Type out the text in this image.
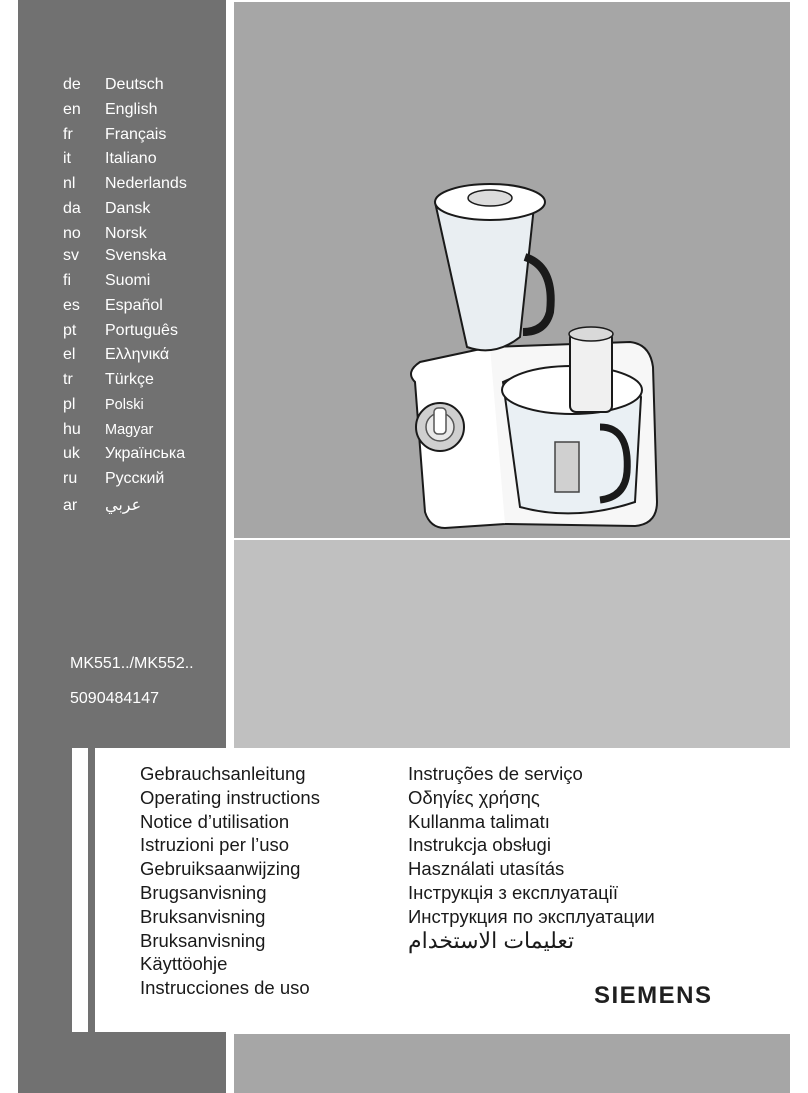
de Deutsch
en English
fr Français
it Italiano
nl Nederlands
da Dansk
no Norsk
sv Svenska
fi Suomi
es Español
pt Português
el Ελληνικά
tr Türkçe
pl Polski
hu Magyar
uk Українська
ru Русский
ar عربي
MK551../MK552..
5090484147
Gebrauchsanleitung
Operating instructions
Notice d’utilisation
Istruzioni per l’uso
Gebruiksaanwijzing
Brugsanvisning
Bruksanvisning
Bruksanvisning
Käyttöohje
Instrucciones de uso
Instruções de serviço
Οδηγίες χρήσης
Kullanma talimatı
Instrukcja obsługi
Használati utasítás
Інструкція з експлуатації
Инструкция по эксплуатации
تعليمات الاستخدام
SIEMENS
